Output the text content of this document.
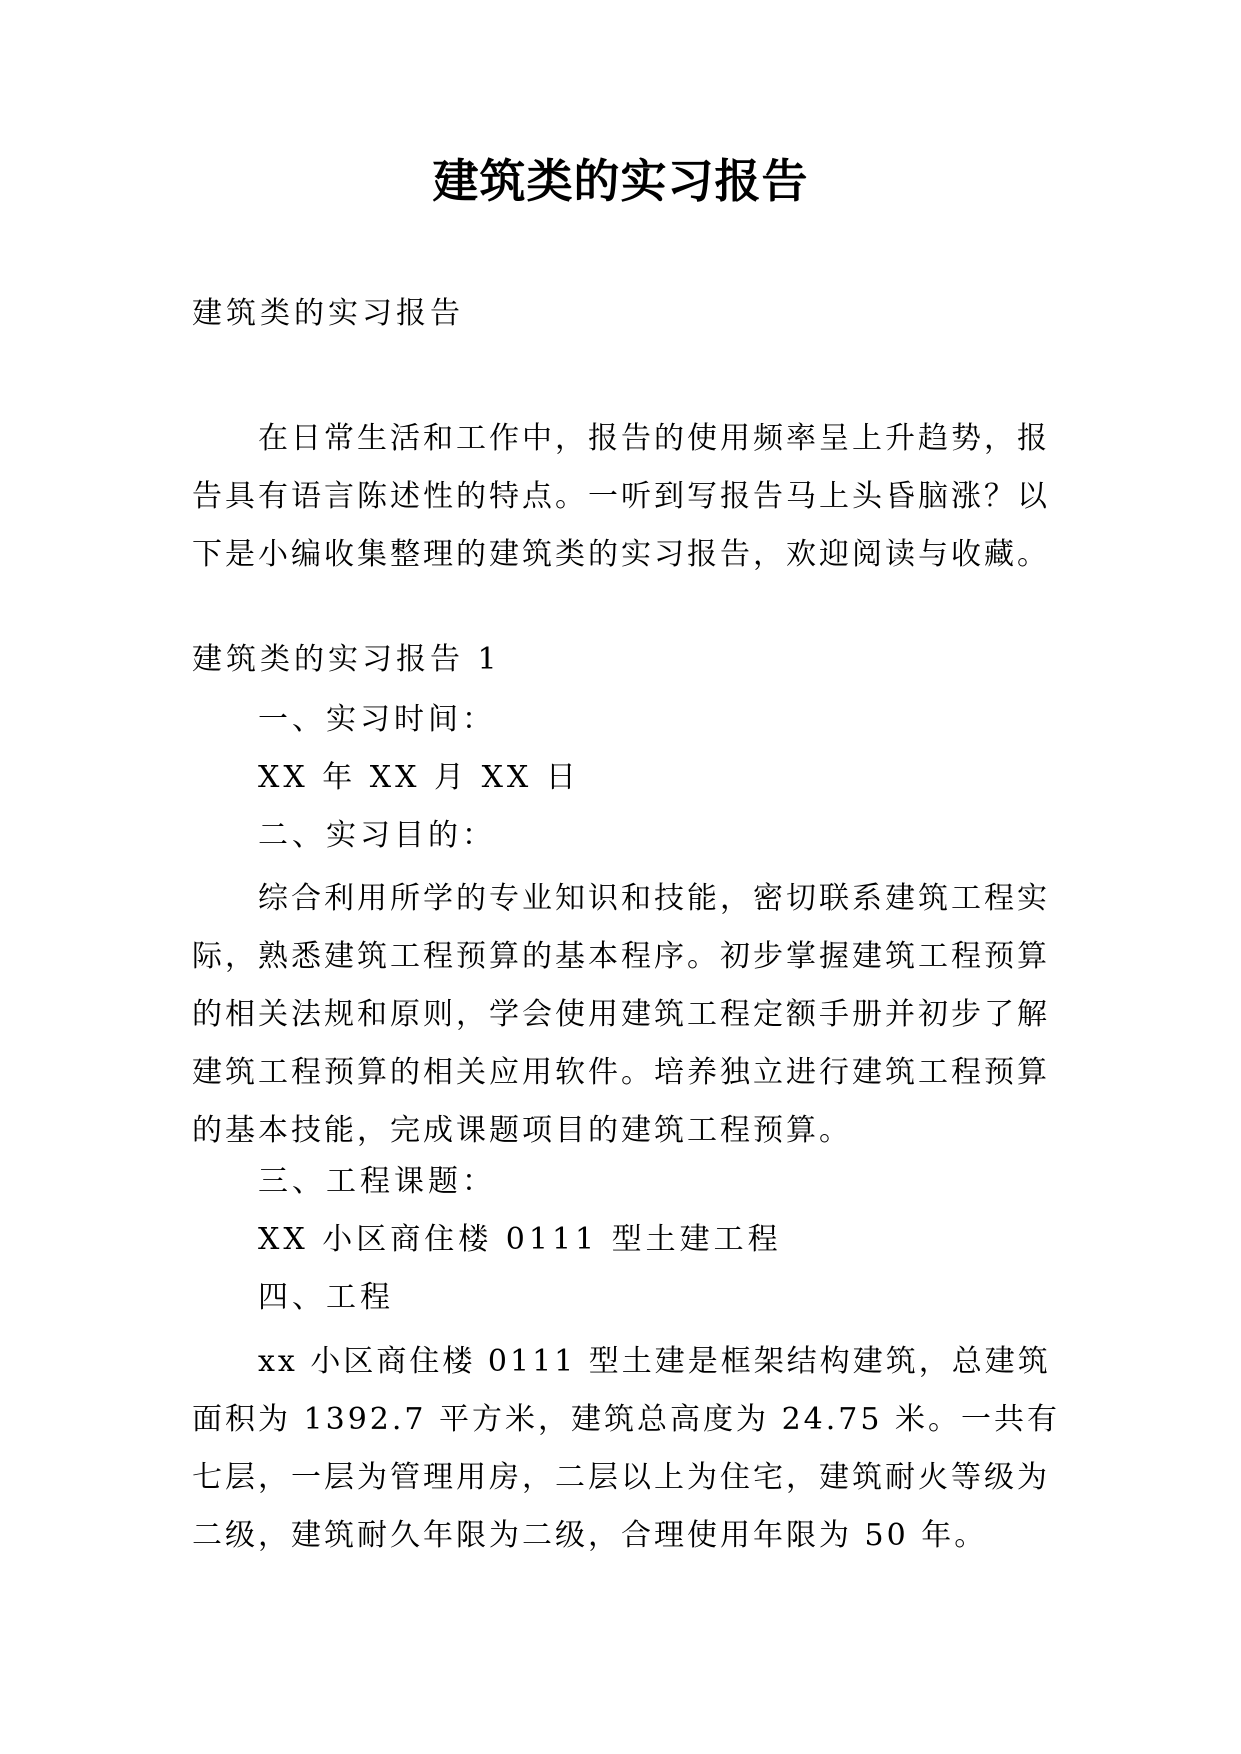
建筑类的实习报告
建筑类的实习报告

在日常生活和工作中，报告的使用频率呈上升趋势，报告具有语言陈述性的特点。一听到写报告马上头昏脑涨？以下是小编收集整理的建筑类的实习报告，欢迎阅读与收藏。

建筑类的实习报告 1
一、实习时间：
XX 年 XX 月 XX 日
二、实习目的：

综合利用所学的专业知识和技能，密切联系建筑工程实际，熟悉建筑工程预算的基本程序。初步掌握建筑工程预算的相关法规和原则，学会使用建筑工程定额手册并初步了解建筑工程预算的相关应用软件。培养独立进行建筑工程预算的基本技能，完成课题项目的建筑工程预算。

三、工程课题：
XX 小区商住楼 0111 型土建工程
四、工程

xx 小区商住楼 0111 型土建是框架结构建筑，总建筑面积为 1392.7 平方米，建筑总高度为 24.75 米。一共有七层，一层为管理用房，二层以上为住宅，建筑耐火等级为二级，建筑耐久年限为二级，合理使用年限为 50 年。
